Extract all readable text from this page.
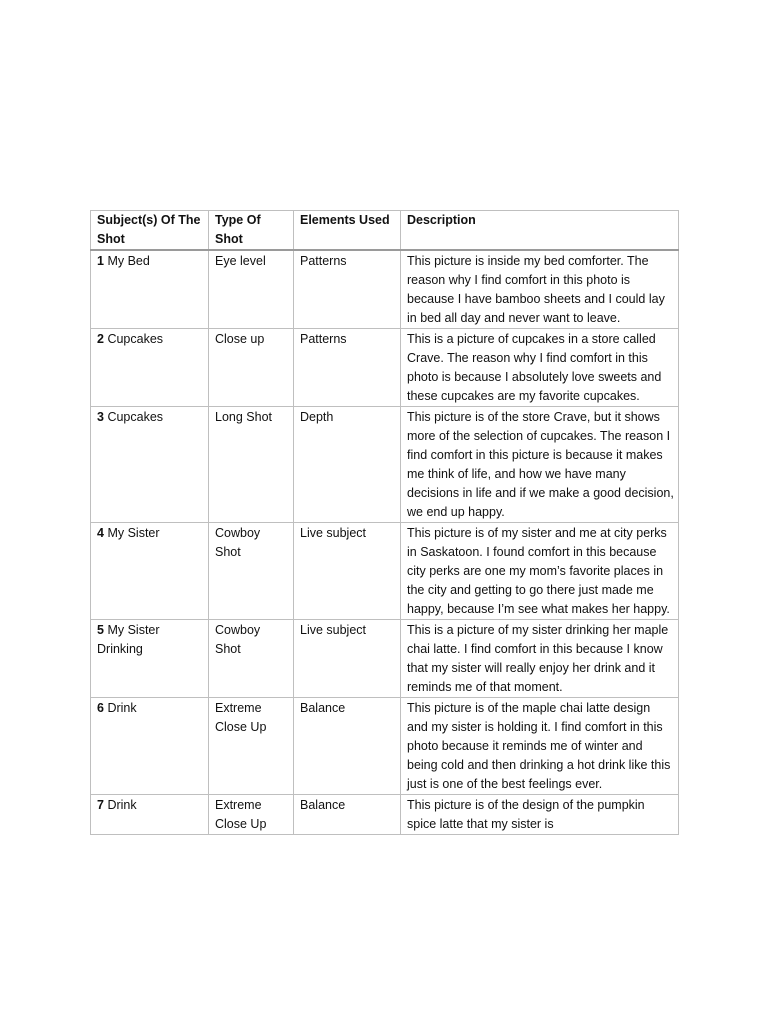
Subject(s) Of The Shot	Type Of Shot	Elements Used	Description
1 My Bed	Eye level	Patterns	This picture is inside my bed comforter. The reason why I find comfort in this photo is because I have bamboo sheets and I could lay in bed all day and never want to leave.
2 Cupcakes	Close up	Patterns	This is a picture of cupcakes in a store called Crave. The reason why I find comfort in this photo is because I absolutely love sweets and these cupcakes are my favorite cupcakes.
3 Cupcakes	Long Shot	Depth	This picture is of the store Crave, but it shows more of the selection of cupcakes. The reason I find comfort in this picture is because it makes me think of life, and how we have many decisions in life and if we make a good decision, we end up happy.
4 My Sister	Cowboy Shot	Live subject	This picture is of my sister and me at city perks in Saskatoon. I found comfort in this because city perks are one my mom’s favorite places in the city and getting to go there just made me happy, because I’m see what makes her happy.
5 My Sister Drinking	Cowboy Shot	Live subject	This is a picture of my sister drinking her maple chai latte. I find comfort in this because I know that my sister will really enjoy her drink and it reminds me of that moment.
6 Drink	Extreme Close Up	Balance	This picture is of the maple chai latte design and my sister is holding it. I find comfort in this photo because it reminds me of winter and being cold and then drinking a hot drink like this just is one of the best feelings ever.
7 Drink	Extreme Close Up	Balance	This picture is of the design of the pumpkin spice latte that my sister is
